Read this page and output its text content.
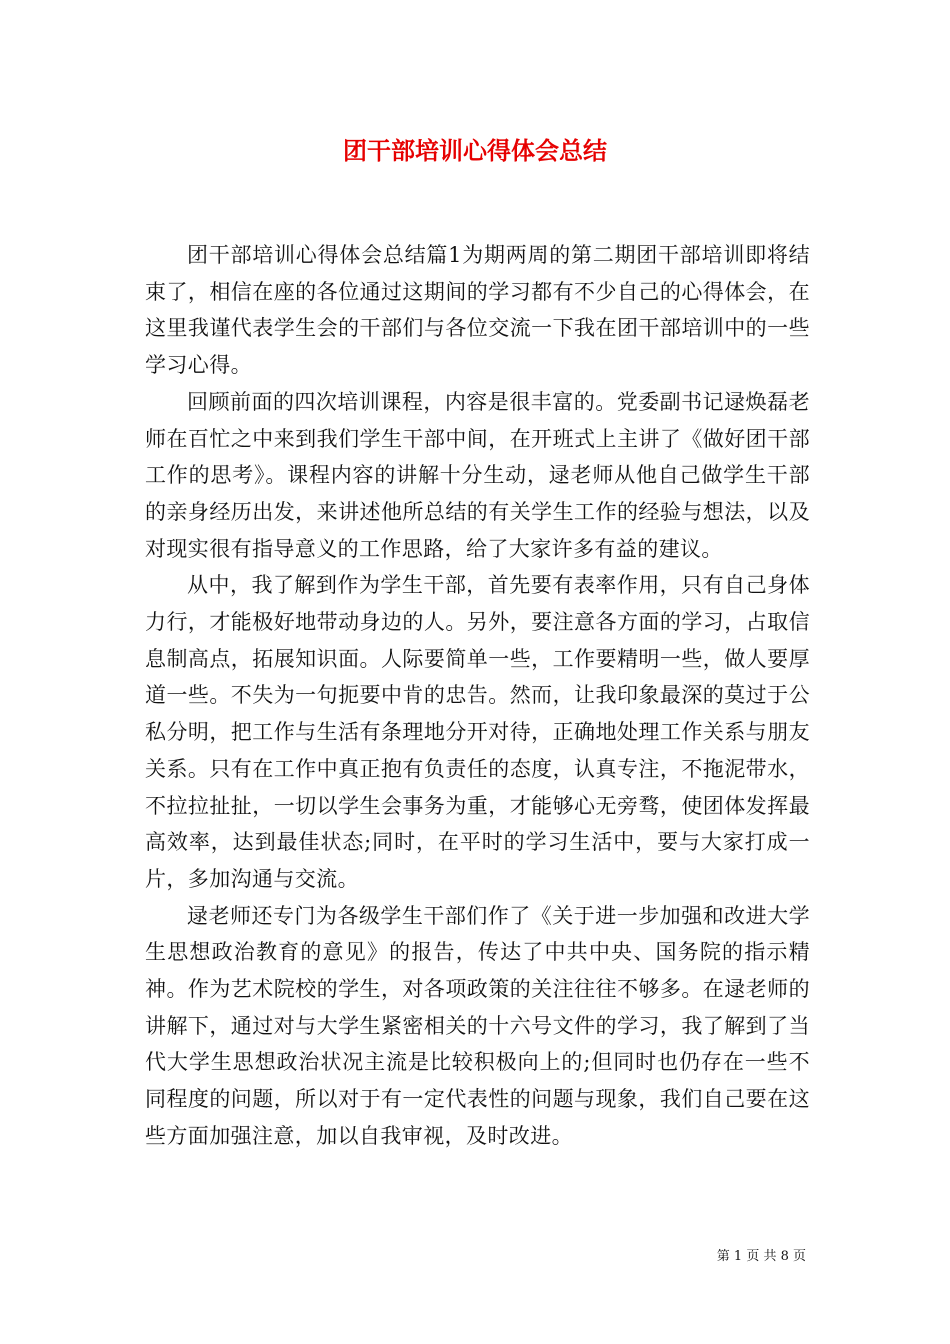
团干部培训心得体会总结

团干部培训心得体会总结篇1为期两周的第二期团干部培训即将结束了，相信在座的各位通过这期间的学习都有不少自己的心得体会，在这里我谨代表学生会的干部们与各位交流一下我在团干部培训中的一些学习心得。

回顾前面的四次培训课程，内容是很丰富的。党委副书记逯焕磊老师在百忙之中来到我们学生干部中间，在开班式上主讲了《做好团干部工作的思考》。课程内容的讲解十分生动，逯老师从他自己做学生干部的亲身经历出发，来讲述他所总结的有关学生工作的经验与想法，以及对现实很有指导意义的工作思路，给了大家许多有益的建议。

从中，我了解到作为学生干部，首先要有表率作用，只有自己身体力行，才能极好地带动身边的人。另外，要注意各方面的学习，占取信息制高点，拓展知识面。人际要简单一些，工作要精明一些，做人要厚道一些。不失为一句扼要中肯的忠告。然而，让我印象最深的莫过于公私分明，把工作与生活有条理地分开对待，正确地处理工作关系与朋友关系。只有在工作中真正抱有负责任的态度，认真专注，不拖泥带水，不拉拉扯扯，一切以学生会事务为重，才能够心无旁骛，使团体发挥最高效率，达到最佳状态;同时，在平时的学习生活中，要与大家打成一片，多加沟通与交流。

逯老师还专门为各级学生干部们作了《关于进一步加强和改进大学生思想政治教育的意见》的报告，传达了中共中央、国务院的指示精神。作为艺术院校的学生，对各项政策的关注往往不够多。在逯老师的讲解下，通过对与大学生紧密相关的十六号文件的学习，我了解到了当代大学生思想政治状况主流是比较积极向上的;但同时也仍存在一些不同程度的问题，所以对于有一定代表性的问题与现象，我们自己要在这些方面加强注意，加以自我审视，及时改进。

第 1 页 共 8 页
